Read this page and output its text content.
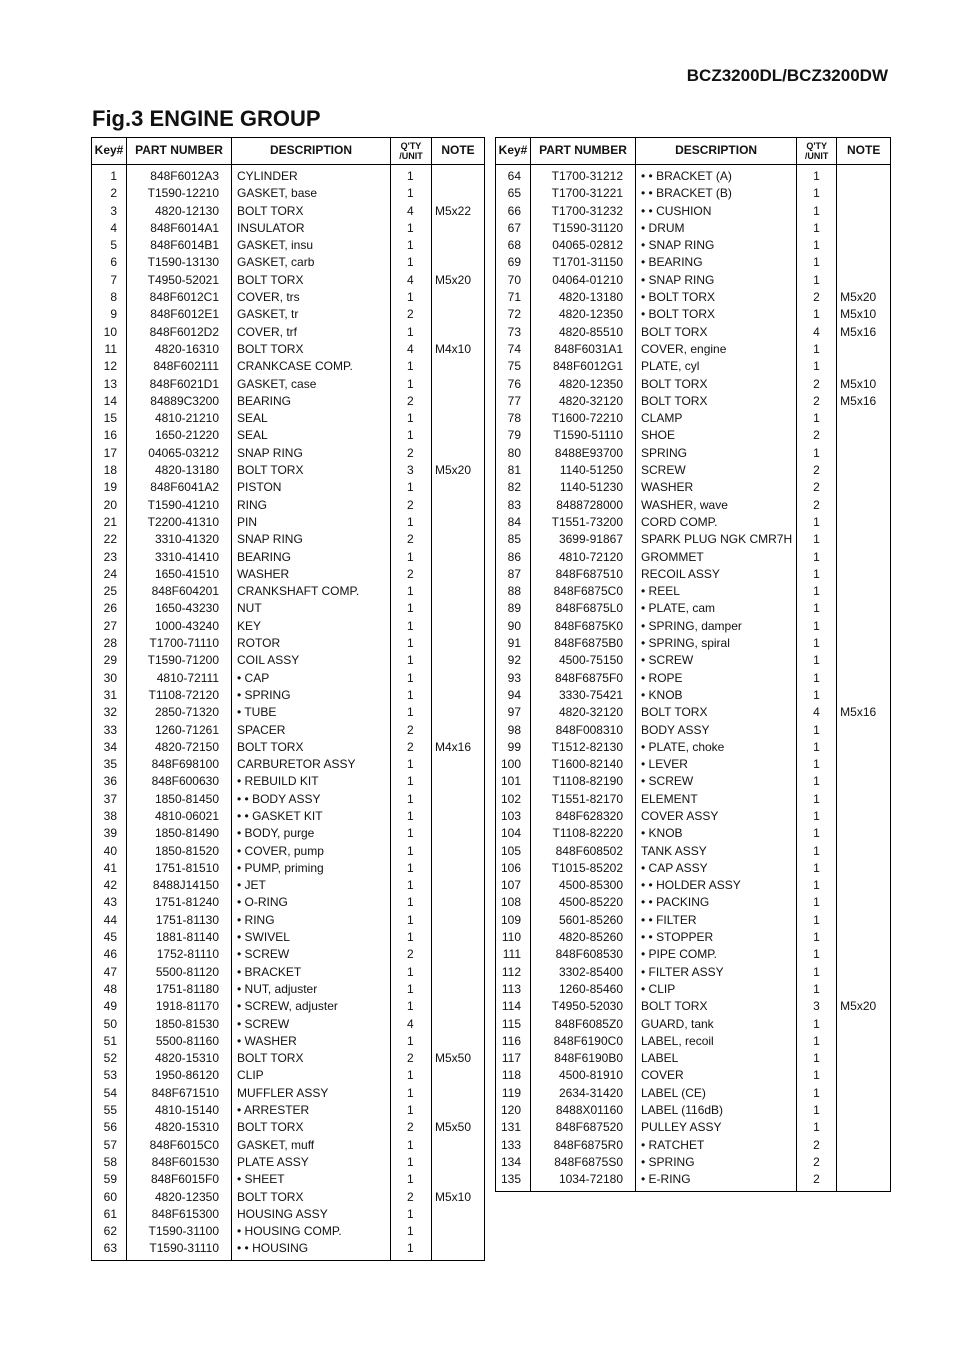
BCZ3200DL/BCZ3200DW
Fig.3 ENGINE GROUP
Key#	PART NUMBER	DESCRIPTION	Q'TY
/UNIT	NOTE
1	848F6012A3	CYLINDER	1	
2	T1590-12210	GASKET, base	1	
3	4820-12130	BOLT TORX	4	M5x22
4	848F6014A1	INSULATOR	1	
5	848F6014B1	GASKET, insu	1	
6	T1590-13130	GASKET, carb	1	
7	T4950-52021	BOLT TORX	4	M5x20
8	848F6012C1	COVER, trs	1	
9	848F6012E1	GASKET, tr	2	
10	848F6012D2	COVER, trf	1	
11	4820-16310	BOLT TORX	4	M4x10
12	848F602111	CRANKCASE COMP.	1	
13	848F6021D1	GASKET, case	1	
14	84889C3200	BEARING	2	
15	4810-21210	SEAL	1	
16	1650-21220	SEAL	1	
17	04065-03212	SNAP RING	2	
18	4820-13180	BOLT TORX	3	M5x20
19	848F6041A2	PISTON	1	
20	T1590-41210	RING	2	
21	T2200-41310	PIN	1	
22	3310-41320	SNAP RING	2	
23	3310-41410	BEARING	1	
24	1650-41510	WASHER	2	
25	848F604201	CRANKSHAFT COMP.	1	
26	1650-43230	NUT	1	
27	1000-43240	KEY	1	
28	T1700-71110	ROTOR	1	
29	T1590-71200	COIL ASSY	1	
30	4810-72111	• CAP	1	
31	T1108-72120	• SPRING	1	
32	2850-71320	• TUBE	1	
33	1260-71261	SPACER	2	
34	4820-72150	BOLT TORX	2	M4x16
35	848F698100	CARBURETOR ASSY	1	
36	848F600630	• REBUILD KIT	1	
37	1850-81450	• • BODY ASSY	1	
38	4810-06021	• • GASKET KIT	1	
39	1850-81490	• BODY, purge	1	
40	1850-81520	• COVER, pump	1	
41	1751-81510	• PUMP, priming	1	
42	8488J14150	• JET	1	
43	1751-81240	• O-RING	1	
44	1751-81130	• RING	1	
45	1881-81140	• SWIVEL	1	
46	1752-81110	• SCREW	2	
47	5500-81120	• BRACKET	1	
48	1751-81180	• NUT, adjuster	1	
49	1918-81170	• SCREW, adjuster	1	
50	1850-81530	• SCREW	4	
51	5500-81160	• WASHER	1	
52	4820-15310	BOLT TORX	2	M5x50
53	1950-86120	CLIP	1	
54	848F671510	MUFFLER ASSY	1	
55	4810-15140	• ARRESTER	1	
56	4820-15310	BOLT TORX	2	M5x50
57	848F6015C0	GASKET, muff	1	
58	848F601530	PLATE ASSY	1	
59	848F6015F0	• SHEET	1	
60	4820-12350	BOLT TORX	2	M5x10
61	848F615300	HOUSING ASSY	1	
62	T1590-31100	• HOUSING COMP.	1	
63	T1590-31110	• • HOUSING	1	
Key#	PART NUMBER	DESCRIPTION	Q'TY
/UNIT	NOTE
64	T1700-31212	• • BRACKET (A)	1	
65	T1700-31221	• • BRACKET (B)	1	
66	T1700-31232	• • CUSHION	1	
67	T1590-31120	• DRUM	1	
68	04065-02812	• SNAP RING	1	
69	T1701-31150	• BEARING	1	
70	04064-01210	• SNAP RING	1	
71	4820-13180	• BOLT TORX	2	M5x20
72	4820-12350	• BOLT TORX	1	M5x10
73	4820-85510	BOLT TORX	4	M5x16
74	848F6031A1	COVER, engine	1	
75	848F6012G1	PLATE, cyl	1	
76	4820-12350	BOLT TORX	2	M5x10
77	4820-32120	BOLT TORX	2	M5x16
78	T1600-72210	CLAMP	1	
79	T1590-51110	SHOE	2	
80	8488E93700	SPRING	1	
81	1140-51250	SCREW	2	
82	1140-51230	WASHER	2	
83	8488728000	WASHER, wave	2	
84	T1551-73200	CORD COMP.	1	
85	3699-91867	SPARK PLUG NGK CMR7H	1	
86	4810-72120	GROMMET	1	
87	848F687510	RECOIL ASSY	1	
88	848F6875C0	• REEL	1	
89	848F6875L0	• PLATE, cam	1	
90	848F6875K0	• SPRING, damper	1	
91	848F6875B0	• SPRING, spiral	1	
92	4500-75150	• SCREW	1	
93	848F6875F0	• ROPE	1	
94	3330-75421	• KNOB	1	

97	4820-32120	BOLT TORX	4	M5x16
98	848F008310	BODY ASSY	1	
99	T1512-82130	• PLATE, choke	1	
100	T1600-82140	• LEVER	1	
101	T1108-82190	• SCREW	1	
102	T1551-82170	ELEMENT	1	
103	848F628320	COVER ASSY	1	
104	T1108-82220	• KNOB	1	
105	848F608502	TANK ASSY	1	
106	T1015-85202	• CAP ASSY	1	
107	4500-85300	• • HOLDER ASSY	1	
108	4500-85220	• • PACKING	1	
109	5601-85260	• • FILTER	1	
110	4820-85260	• • STOPPER	1	
111	848F608530	• PIPE COMP.	1	
112	3302-85400	• FILTER ASSY	1	
113	1260-85460	• CLIP	1	
114	T4950-52030	BOLT TORX	3	M5x20
115	848F6085Z0	GUARD, tank	1	
116	848F6190C0	LABEL, recoil	1	
117	848F6190B0	LABEL	1	
118	4500-81910	COVER	1	
119	2634-31420	LABEL (CE)	1	
120	8488X01160	LABEL (116dB)	1	

131	848F687520	PULLEY ASSY	1	

133	848F6875R0	• RATCHET	2	
134	848F6875S0	• SPRING	2	
135	1034-72180	• E-RING	2	
